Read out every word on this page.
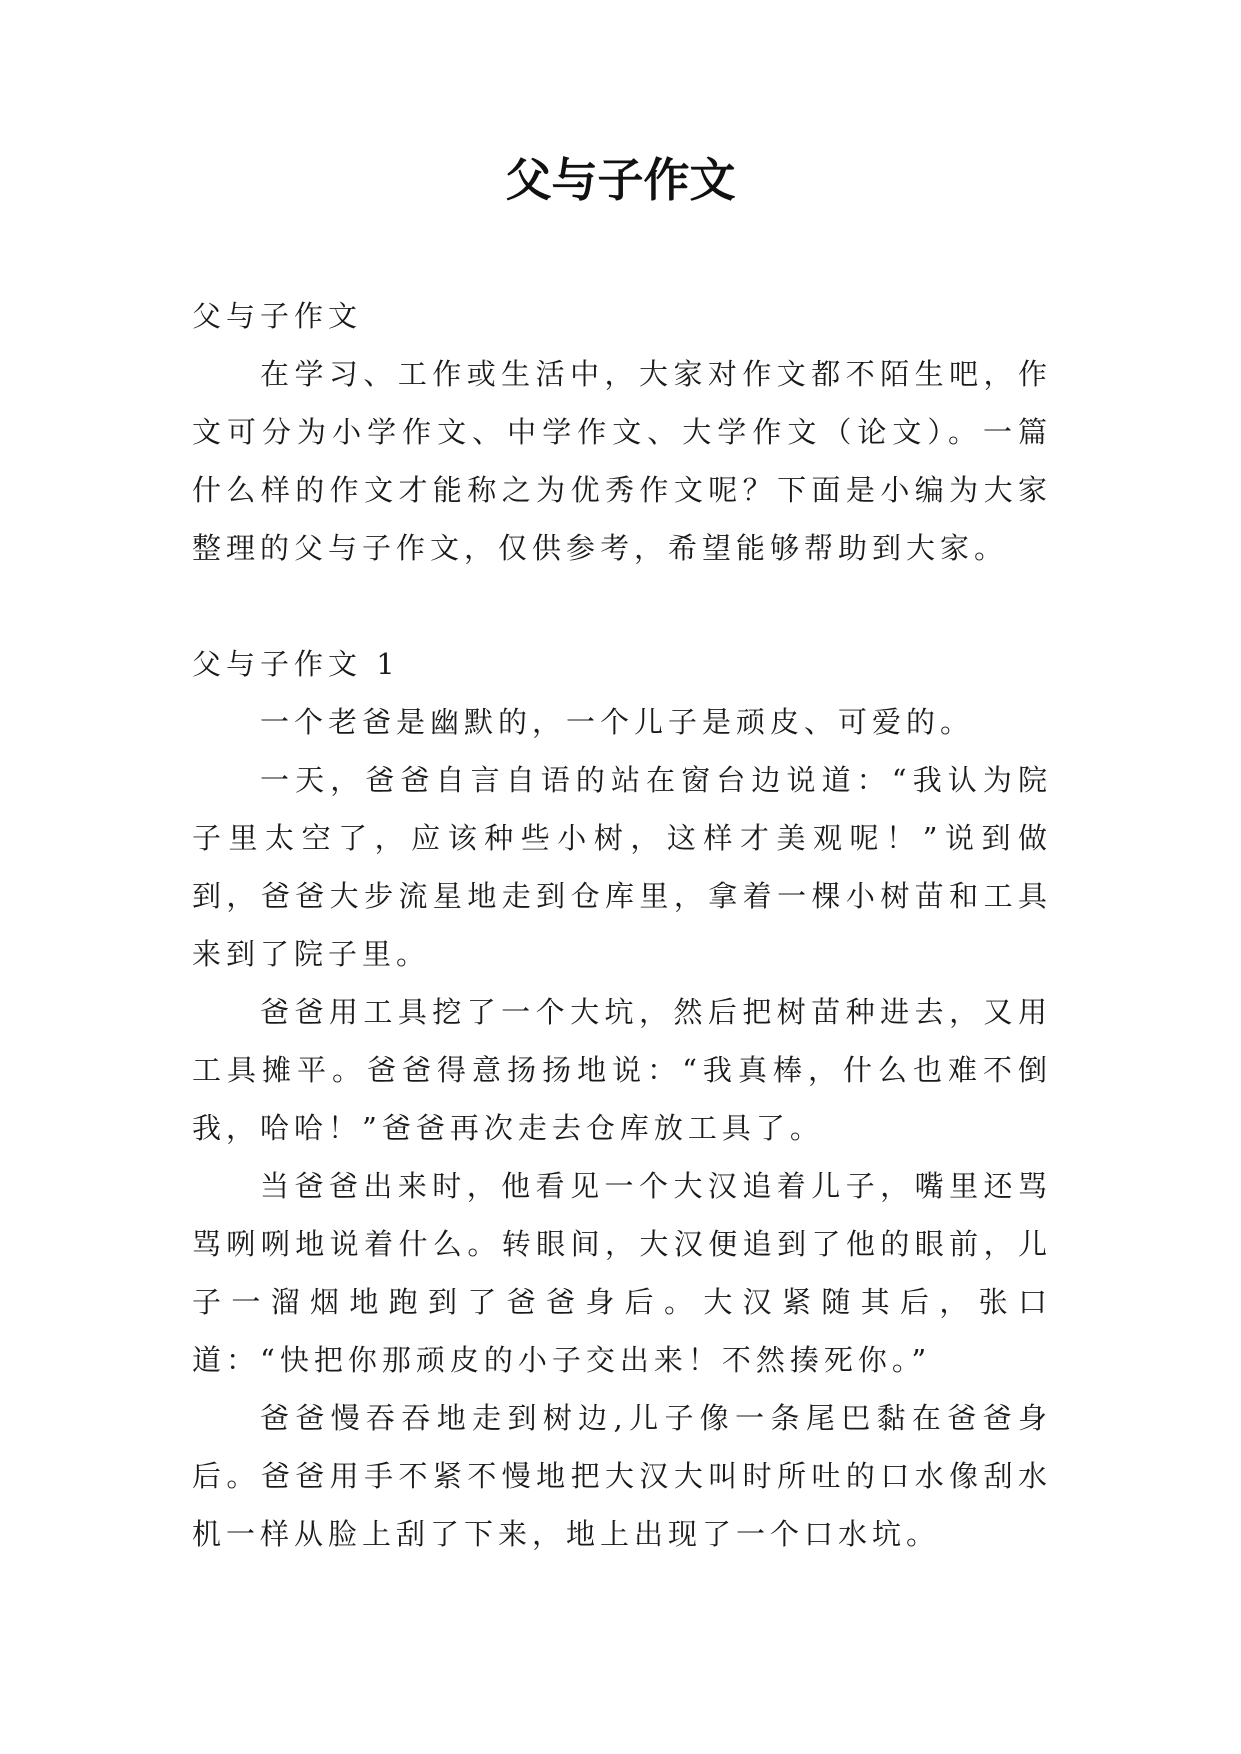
父与子作文

父与子作文

在学习、工作或生活中，大家对作文都不陌生吧，作文可分为小学作文、中学作文、大学作文（论文）。一篇什么样的作文才能称之为优秀作文呢？下面是小编为大家整理的父与子作文，仅供参考，希望能够帮助到大家。

父与子作文 1

一个老爸是幽默的，一个儿子是顽皮、可爱的。

一天，爸爸自言自语的站在窗台边说道：“我认为院子里太空了，应该种些小树，这样才美观呢！”说到做到，爸爸大步流星地走到仓库里，拿着一棵小树苗和工具来到了院子里。

爸爸用工具挖了一个大坑，然后把树苗种进去，又用工具摊平。爸爸得意扬扬地说：“我真棒，什么也难不倒我，哈哈！”爸爸再次走去仓库放工具了。

当爸爸出来时，他看见一个大汉追着儿子，嘴里还骂骂咧咧地说着什么。转眼间，大汉便追到了他的眼前，儿子一溜烟地跑到了爸爸身后。大汉紧随其后，张口道：“快把你那顽皮的小子交出来！不然揍死你。”

爸爸慢吞吞地走到树边,儿子像一条尾巴黏在爸爸身后。爸爸用手不紧不慢地把大汉大叫时所吐的口水像刮水机一样从脸上刮了下来，地上出现了一个口水坑。
